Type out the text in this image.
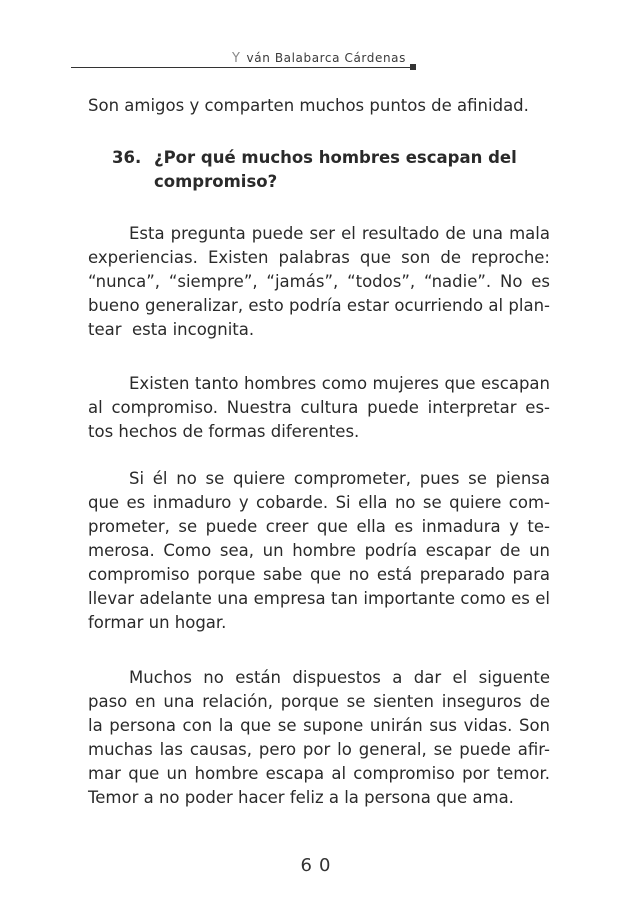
Y ván Balabarca Cárdenas
Son amigos y comparten muchos puntos de afinidad.
36. ¿Por qué muchos hombres escapan del
compromiso?
Esta pregunta puede ser el resultado de una mala
experiencias. Existen palabras que son de reproche:
“nunca”, “siempre”, “jamás”, “todos”, “nadie”. No es
bueno generalizar, esto podría estar ocurriendo al plan-
tear  esta incognita.
Existen tanto hombres como mujeres que escapan
al compromiso. Nuestra cultura puede interpretar es-
tos hechos de formas diferentes.
Si él no se quiere comprometer, pues se piensa
que es inmaduro y cobarde. Si ella no se quiere com-
prometer, se puede creer que ella es inmadura y te-
merosa. Como sea, un hombre podría escapar de un
compromiso porque sabe que no está preparado para
llevar adelante una empresa tan importante como es el
formar un hogar.
Muchos no están dispuestos a dar el siguente
paso en una relación, porque se sienten inseguros de
la persona con la que se supone unirán sus vidas. Son
muchas las causas, pero por lo general, se puede afir-
mar que un hombre escapa al compromiso por temor.
Temor a no poder hacer feliz a la persona que ama.
60
